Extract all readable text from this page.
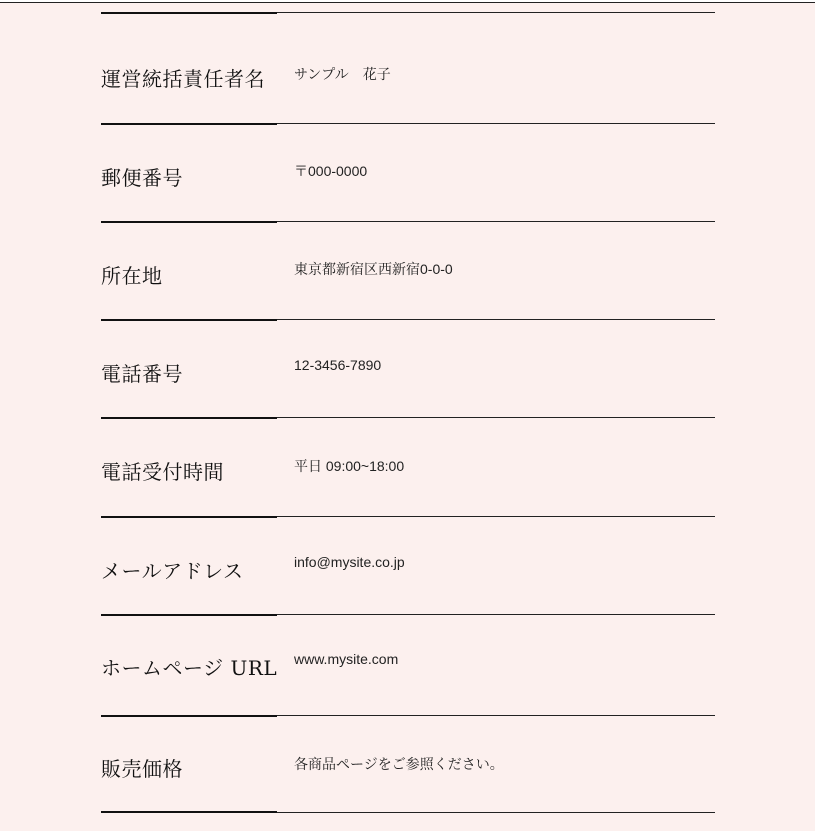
運営統括責任者名	サンプル　花子
郵便番号	〒000-0000
所在地	東京都新宿区西新宿0-0-0
電話番号	12-3456-7890
電話受付時間	平日 09:00~18:00
メールアドレス	info@mysite.co.jp
ホームページ URL	www.mysite.com
販売価格	各商品ページをご参照ください。
